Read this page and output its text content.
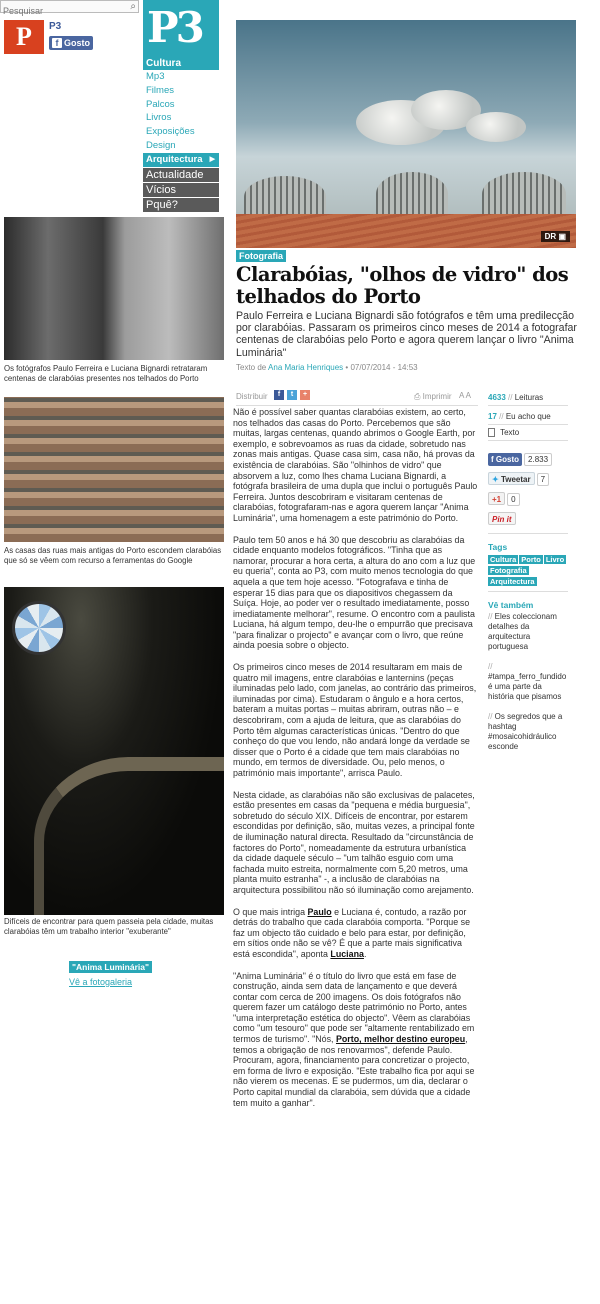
Pesquisar
⌕
P	P3
f Gosto P3
Cultura
Mp3
Filmes
Palcos
Livros
Exposições
Design
Arquitectura ▶
Actualidade
Vícios
Pquê?
DR ▣
Os fotógrafos Paulo Ferreira e Luciana Bignardi retrataram centenas de clarabóias presentes nos telhados do Porto
As casas das ruas mais antigas do Porto escondem clarabóias que só se vêem com recurso a ferramentas do Google
Difíceis de encontrar para quem passeia pela cidade, muitas clarabóias têm um trabalho interior "exuberante"
"Anima Luminária"
Vê a fotogaleria
Fotografia
Clarabóias, "olhos de vidro" dos telhados do Porto
Paulo Ferreira e Luciana Bignardi são fotógrafos e têm uma predilecção por clarabóias. Passaram os primeiros cinco meses de 2014 a fotografar centenas de clarabóias pelo Porto e agora querem lançar o livro "Anima Luminária"
Texto de Ana Maria Henriques • 07/07/2014 - 14:53
Distribuir	f	t	+	⎙ Imprimir A A

Não é possível saber quantas clarabóias existem, ao certo, nos telhados das casas do Porto. Percebemos que são muitas, largas centenas, quando abrimos o Google Earth, por exemplo, e sobrevoamos as ruas da cidade, sobretudo nas zonas mais antigas. Quase casa sim, casa não, há provas da existência de clarabóias. São "olhinhos de vidro" que absorvem a luz, como lhes chama Luciana Bignardi, a fotógrafa brasileira de uma dupla que inclui o português Paulo Ferreira. Juntos descobriram e visitaram centenas de clarabóias, fotografaram-nas e agora querem lançar "Anima Luminária", uma homenagem a este património do Porto.

Paulo tem 50 anos e há 30 que descobriu as clarabóias da cidade enquanto modelos fotográficos. "Tinha que as namorar, procurar a hora certa, a altura do ano com a luz que eu queria", conta ao P3, com muito menos tecnologia do que aquela a que tem hoje acesso. "Fotografava e tinha de esperar 15 dias para que os diapositivos chegassem da Suíça. Hoje, ao poder ver o resultado imediatamente, posso imediatamente melhorar", resume. O encontro com a paulista Luciana, há algum tempo, deu-lhe o empurrão que precisava "para finalizar o projecto" e avançar com o livro, que reúne ainda poesia sobre o objecto.

Os primeiros cinco meses de 2014 resultaram em mais de quatro mil imagens, entre clarabóias e lanternins (peças iluminadas pelo lado, com janelas, ao contrário das primeiros, iluminadas por cima). Estudaram o ângulo e a hora certos, bateram a muitas portas – muitas abriram, outras não – e descobriram, com a ajuda de leitura, que as clarabóias do Porto têm algumas características únicas. "Dentro do que conheço do que vou lendo, não andará longe da verdade se disser que o Porto é a cidade que tem mais clarabóias no mundo, em termos de diversidade. Ou, pelo menos, o património mais importante", arrisca Paulo.

Nesta cidade, as clarabóias não são exclusivas de palacetes, estão presentes em casas da "pequena e média burguesia", sobretudo do século XIX. Difíceis de encontrar, por estarem escondidas por definição, são, muitas vezes, a principal fonte de iluminação natural directa. Resultado da "circunstância de factores do Porto", nomeadamente da estrutura urbanística da cidade daquele século – "um talhão esguio com uma fachada muito estreita, normalmente com 5,20 metros, uma planta muito estranha" -, a inclusão de clarabóias na arquitectura possibilitou não só iluminação como arejamento.

O que mais intriga Paulo e Luciana é, contudo, a razão por detrás do trabalho que cada clarabóia comporta. "Porque se faz um objecto tão cuidado e belo para estar, por definição, em sítios onde não se vê? É que a parte mais significativa está escondida", aponta Luciana.

"Anima Luminária" é o título do livro que está em fase de construção, ainda sem data de lançamento e que deverá contar com cerca de 200 imagens. Os dois fotógrafos não querem fazer um catálogo deste património no Porto, antes "uma interpretação estética do objecto". Vêem as clarabóias como "um tesouro" que pode ser "altamente rentabilizado em termos de turismo". "Nós, Porto, melhor destino europeu, temos a obrigação de nos renovarmos", defende Paulo. Procuram, agora, financiamento para concretizar o projecto, em forma de livro e exposição. "Este trabalho fica por aqui se não vierem os mecenas. E se pudermos, um dia, declarar o Porto capital mundial da clarabóia, sem dúvida que a cidade tem muito a ganhar".

4633 // Leituras
17 // Eu acho que
Texto
f Gosto 2.833
✦ Tweetar 7
+1 0
Pin it
Tags
Cultura Porto Livro
Fotografia
Arquitectura
Vê também
// Eles coleccionam detalhes da arquitectura portuguesa
// #tampa_ferro_fundido é uma parte da história que pisamos
// Os segredos que a hashtag #mosaicohidráulico esconde
